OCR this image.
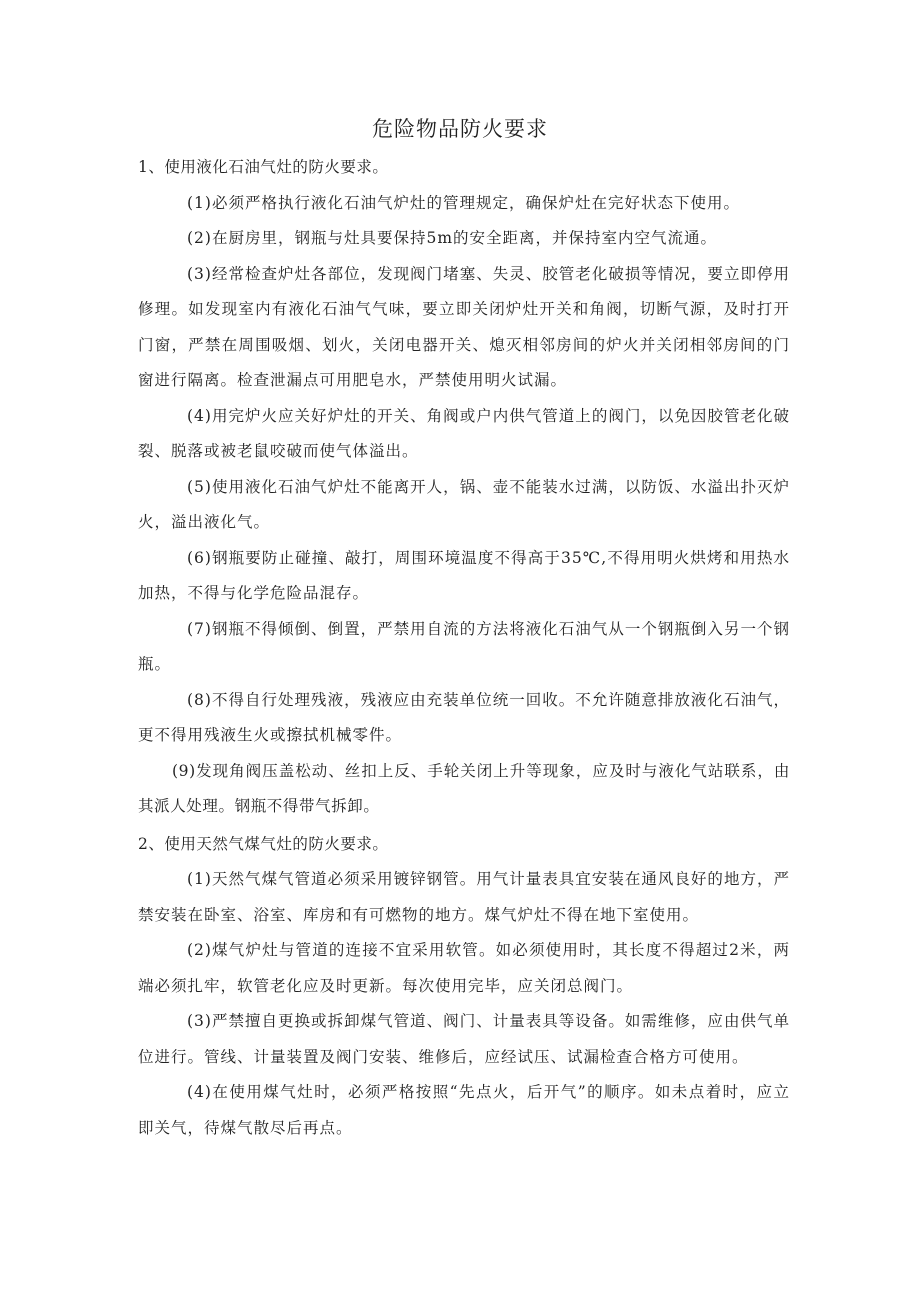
危险物品防火要求

1、使用液化石油气灶的防火要求。

(1)必须严格执行液化石油气炉灶的管理规定，确保炉灶在完好状态下使用。

(2)在厨房里，钢瓶与灶具要保持5m的安全距离，并保持室内空气流通。

(3)经常检查炉灶各部位，发现阀门堵塞、失灵、胶管老化破损等情况，要立即停用修理。如发现室内有液化石油气气味，要立即关闭炉灶开关和角阀，切断气源，及时打开门窗，严禁在周围吸烟、划火，关闭电器开关、熄灭相邻房间的炉火并关闭相邻房间的门窗进行隔离。检查泄漏点可用肥皂水，严禁使用明火试漏。

(4)用完炉火应关好炉灶的开关、角阀或户内供气管道上的阀门，以免因胶管老化破裂、脱落或被老鼠咬破而使气体溢出。

(5)使用液化石油气炉灶不能离开人，锅、壶不能装水过满，以防饭、水溢出扑灭炉火，溢出液化气。

(6)钢瓶要防止碰撞、敲打，周围环境温度不得高于35℃,不得用明火烘烤和用热水加热，不得与化学危险品混存。

(7)钢瓶不得倾倒、倒置，严禁用自流的方法将液化石油气从一个钢瓶倒入另一个钢瓶。

(8)不得自行处理残液，残液应由充装单位统一回收。不允许随意排放液化石油气，更不得用残液生火或擦拭机械零件。

(9)发现角阀压盖松动、丝扣上反、手轮关闭上升等现象，应及时与液化气站联系，由其派人处理。钢瓶不得带气拆卸。

2、使用天然气煤气灶的防火要求。

(1)天然气煤气管道必须采用镀锌钢管。用气计量表具宜安装在通风良好的地方，严禁安装在卧室、浴室、库房和有可燃物的地方。煤气炉灶不得在地下室使用。

(2)煤气炉灶与管道的连接不宜采用软管。如必须使用时，其长度不得超过2米，两端必须扎牢，软管老化应及时更新。每次使用完毕，应关闭总阀门。

(3)严禁擅自更换或拆卸煤气管道、阀门、计量表具等设备。如需维修，应由供气单位进行。管线、计量装置及阀门安装、维修后，应经试压、试漏检查合格方可使用。

(4)在使用煤气灶时，必须严格按照“先点火，后开气”的顺序。如未点着时，应立即关气，待煤气散尽后再点。
